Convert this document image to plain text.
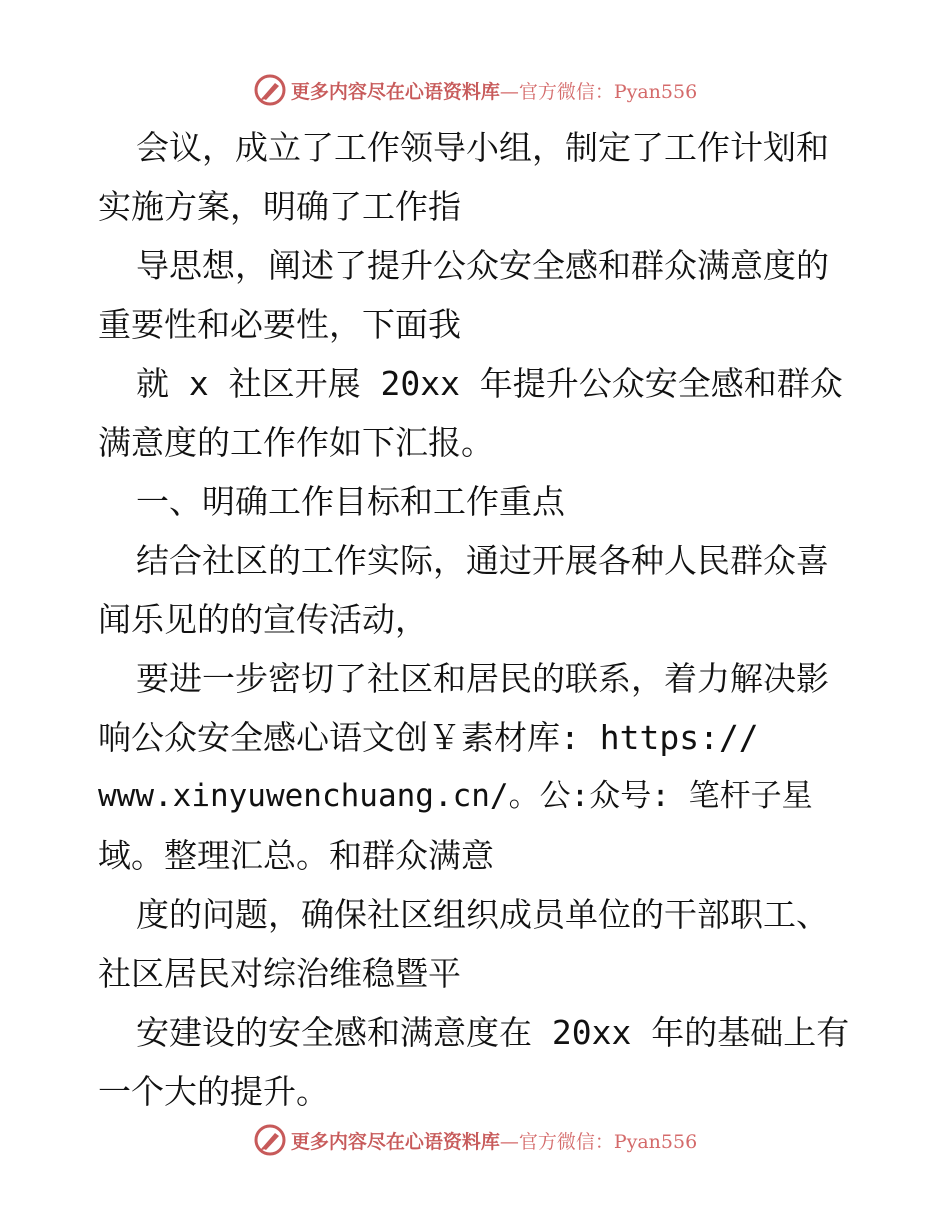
更多内容尽在心语资料库—官方微信：Pyan556
会议，成立了工作领导小组，制定了工作计划和
实施方案，明确了工作指
导思想，阐述了提升公众安全感和群众满意度的
重要性和必要性，下面我
就 x 社区开展 20xx 年提升公众安全感和群众
满意度的工作作如下汇报。
一、明确工作目标和工作重点
结合社区的工作实际，通过开展各种人民群众喜
闻乐见的的宣传活动，
要进一步密切了社区和居民的联系，着力解决影
响公众安全感心语文创￥素材库: https://
www.xinyuwenchuang.cn/。公:众号: 笔杆子星
域。整理汇总。和群众满意
度的问题，确保社区组织成员单位的干部职工、
社区居民对综治维稳暨平
安建设的安全感和满意度在 20xx 年的基础上有
一个大的提升。
更多内容尽在心语资料库—官方微信：Pyan556
